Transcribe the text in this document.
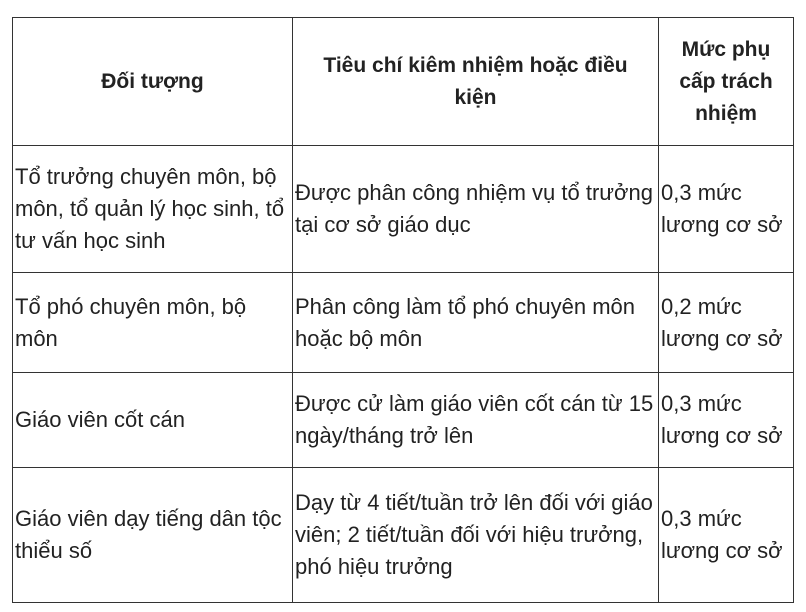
Đối tượng	Tiêu chí kiêm nhiệm hoặc điều kiện	Mức phụ cấp trách nhiệm
Tổ trưởng chuyên môn, bộ môn, tổ quản lý học sinh, tổ tư vấn học sinh	Được phân công nhiệm vụ tổ trưởng tại cơ sở giáo dục	0,3 mức lương cơ sở
Tổ phó chuyên môn, bộ môn	Phân công làm tổ phó chuyên môn hoặc bộ môn	0,2 mức lương cơ sở
Giáo viên cốt cán	Được cử làm giáo viên cốt cán từ 15 ngày/tháng trở lên	0,3 mức lương cơ sở
Giáo viên dạy tiếng dân tộc thiểu số	Dạy từ 4 tiết/tuần trở lên đối với giáo viên; 2 tiết/tuần đối với hiệu trưởng, phó hiệu trưởng	0,3 mức lương cơ sở
